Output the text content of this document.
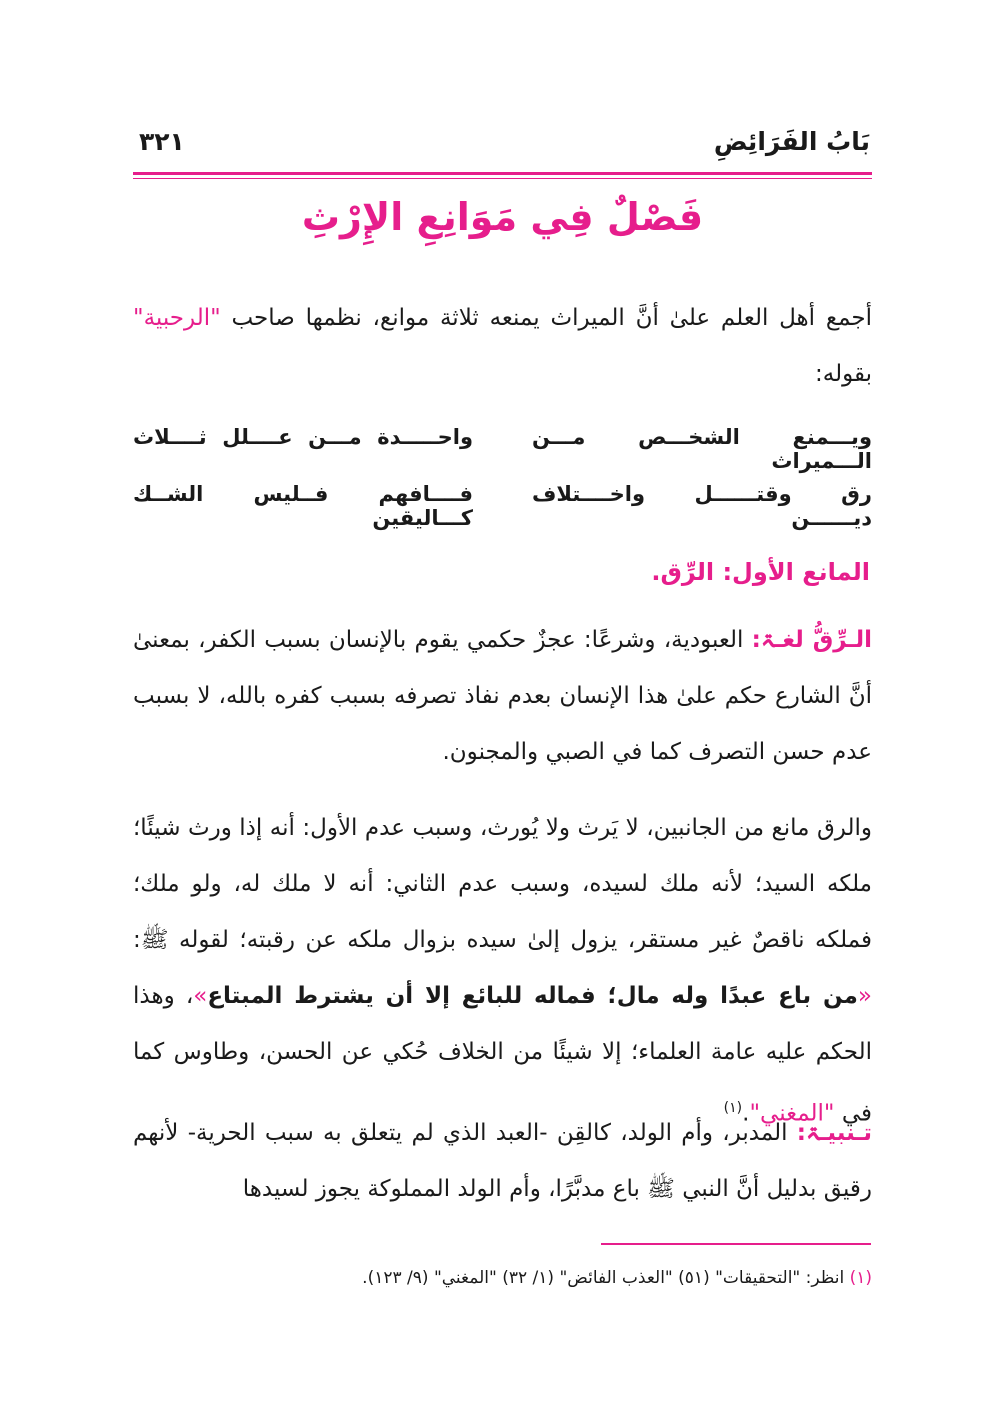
بَابُ الفَرَائِضِ
٣٢١
فَصْلٌ فِي مَوَانِعِ الإِرْثِ
أجمع أهل العلم علىٰ أنَّ الميراث يمنعه ثلاثة موانع، نظمها صاحب "الرحبية" بقوله:
ويـــمنع الشخـــص مـــن الـــميراث
واحـــــدة مـــن عــــلل ثــــلاث
رق وقتــــــل واخــــتلاف ديــــــن
فــــافهم فــليس الشــك كـــاليقين
المانع الأول: الرِّق.
الـرِّقُّ لغـۃ: العبودية، وشرعًا: عجزٌ حكمي يقوم بالإنسان بسبب الكفر، بمعنىٰ أنَّ الشارع حكم علىٰ هذا الإنسان بعدم نفاذ تصرفه بسبب كفره بالله، لا بسبب عدم حسن التصرف كما في الصبي والمجنون.
والرق مانع من الجانبين، لا يَرث ولا يُورث، وسبب عدم الأول: أنه إذا ورث شيئًا؛ ملكه السيد؛ لأنه ملك لسيده، وسبب عدم الثاني: أنه لا ملك له، ولو ملك؛ فملكه ناقصٌ غير مستقر، يزول إلىٰ سيده بزوال ملكه عن رقبته؛ لقوله ﷺ: «من باع عبدًا وله مال؛ فماله للبائع إلا أن يشترط المبتاع»، وهذا الحكم عليه عامة العلماء؛ إلا شيئًا من الخلاف حُكي عن الحسن، وطاوس كما في "المغني".$^{(١)}$
تـنبيـۃ: المدبر، وأم الولد، كالقِن -العبد الذي لم يتعلق به سبب الحرية- لأنهم رقيق بدليل أنَّ النبي ﷺ باع مدبَّرًا، وأم الولد المملوكة يجوز لسيدها
(١) انظر: "التحقيقات" (٥١) "العذب الفائض" (١/ ٣٢) "المغني" (٩/ ١٢٣).
